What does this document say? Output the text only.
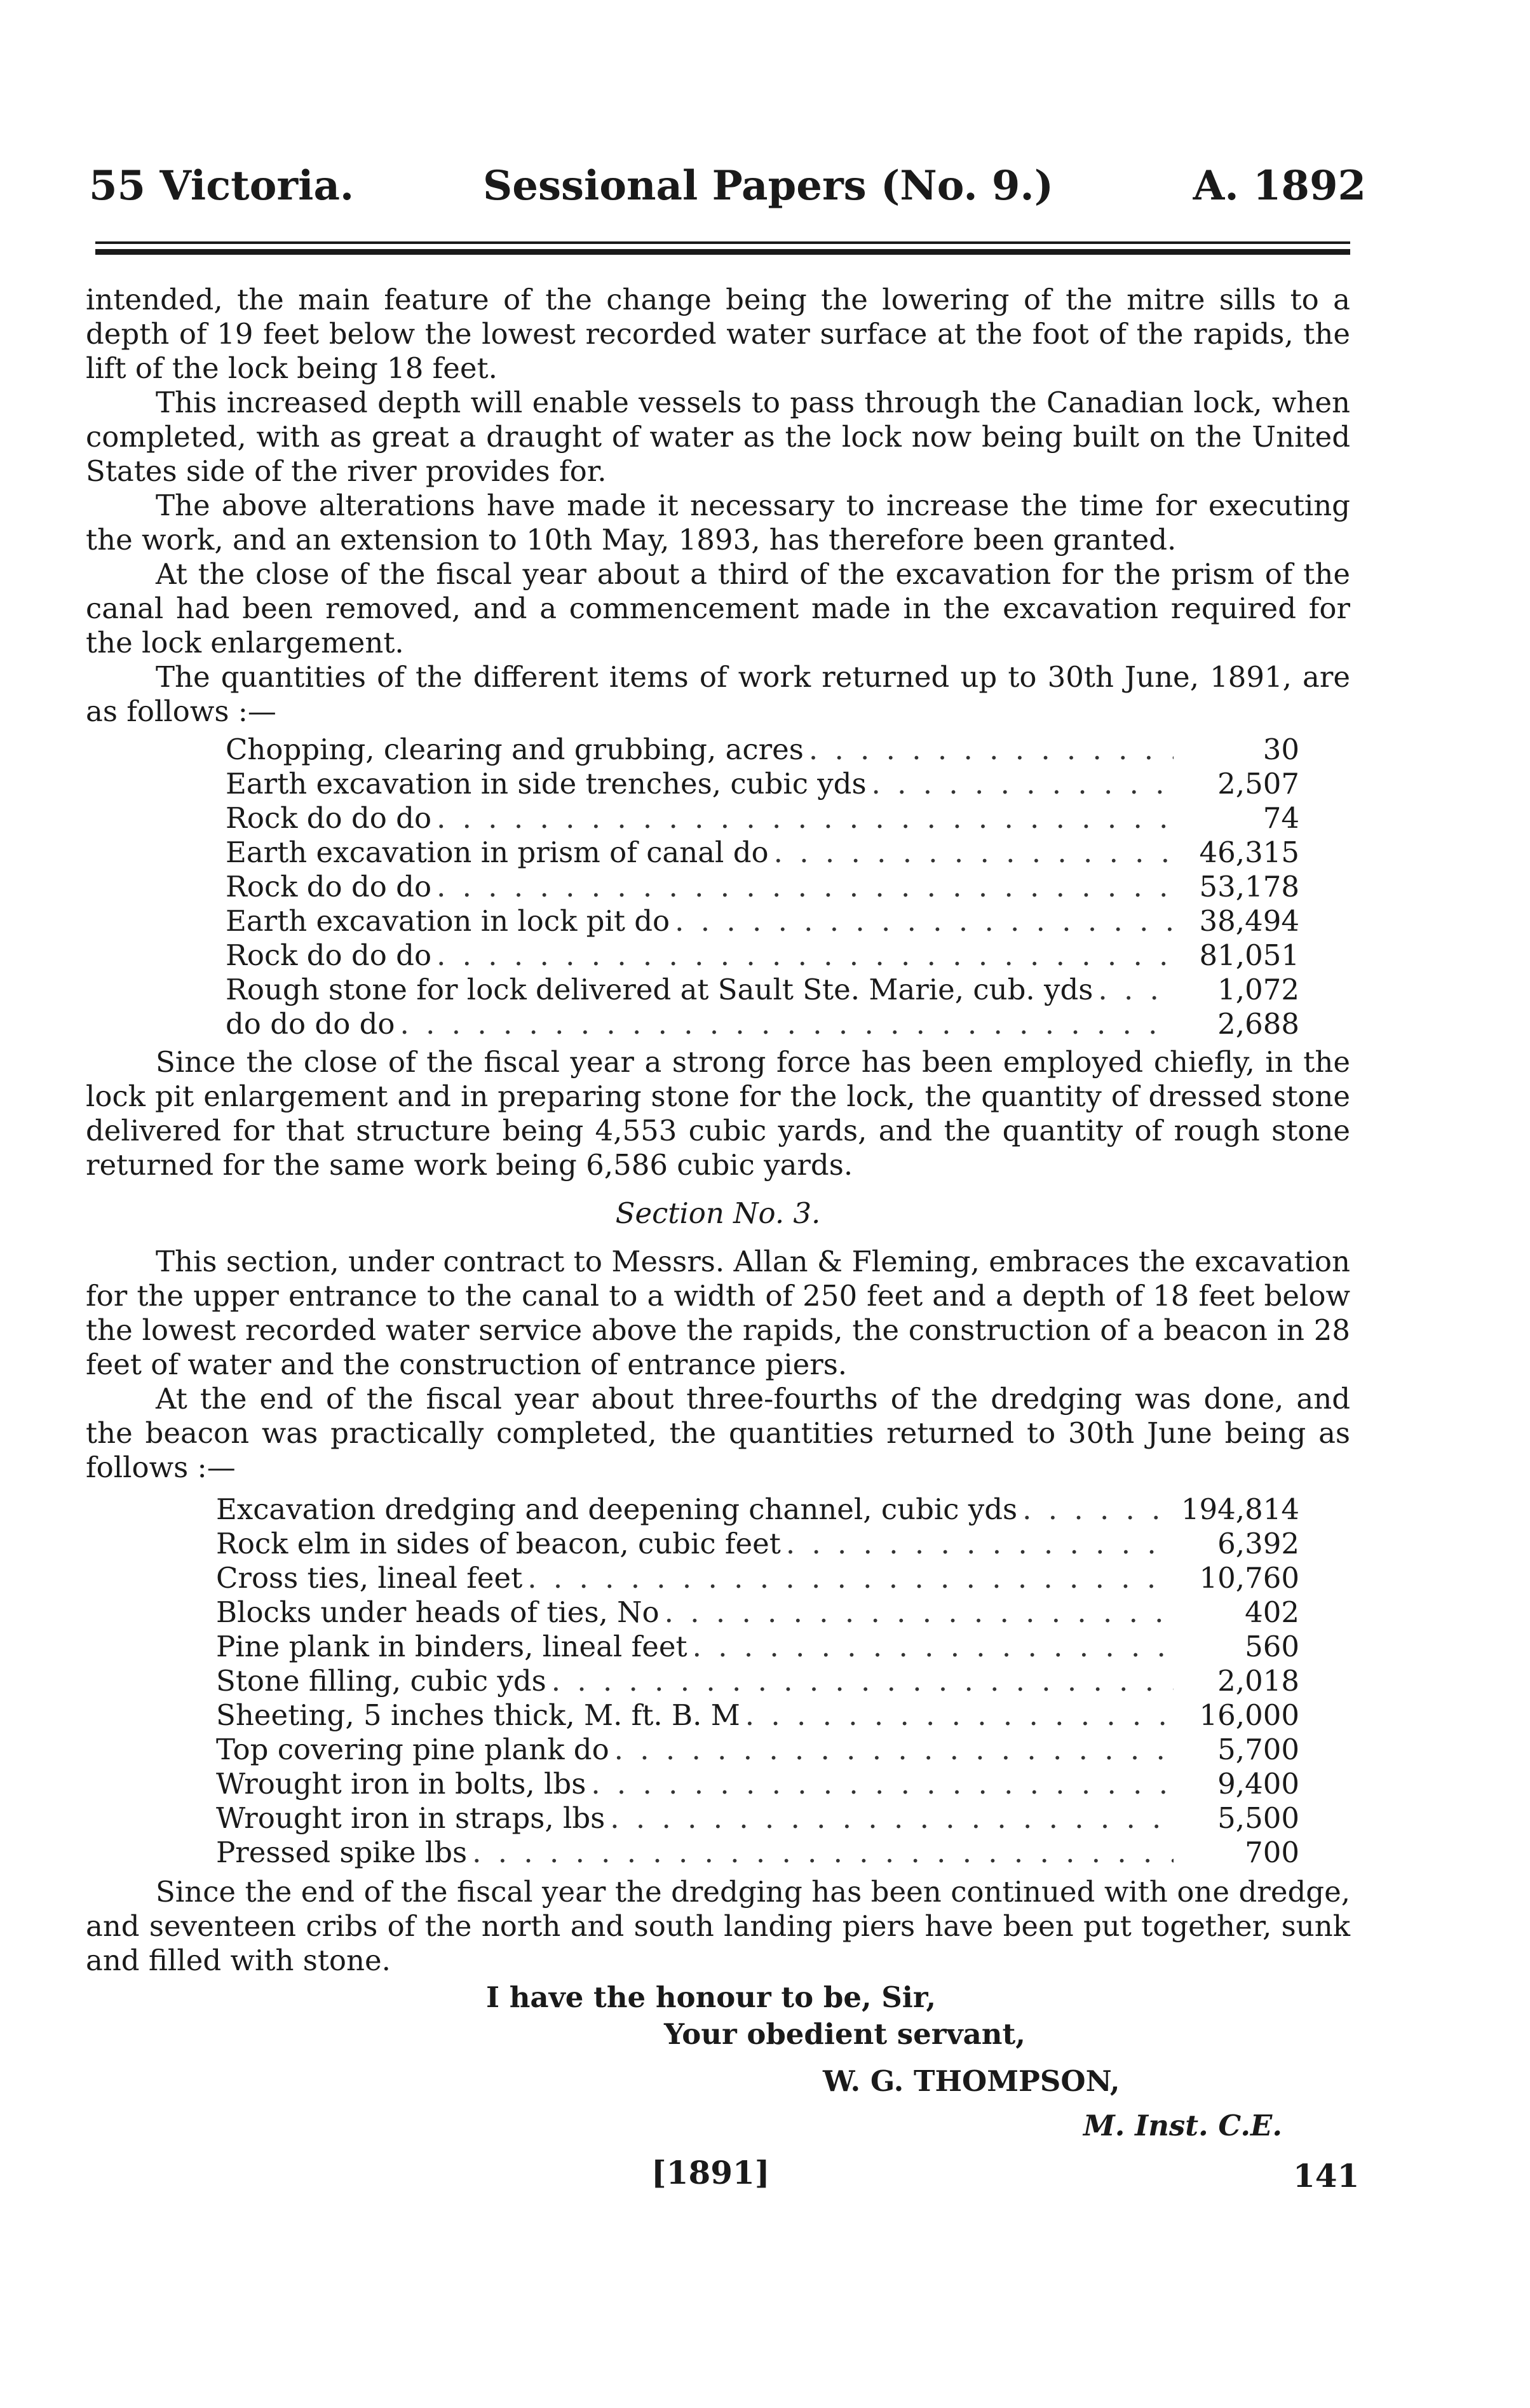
55 Victoria.	Sessional Papers (No. 9.)	A. 1892

intended, the main feature of the change being the lowering of the mitre sills to a depth of 19 feet below the lowest recorded water surface at the foot of the rapids, the lift of the lock being 18 feet.

This increased depth will enable vessels to pass through the Canadian lock, when completed, with as great a draught of water as the lock now being built on the United States side of the river provides for.

The above alterations have made it necessary to increase the time for executing the work, and an extension to 10th May, 1893, has therefore been granted.

At the close of the fiscal year about a third of the excavation for the prism of the canal had been removed, and a commencement made in the excavation required for the lock enlargement.

The quantities of the different items of work returned up to 30th June, 1891, are as follows :—

Chopping, clearing and grubbing, acres . . .	30
Earth excavation in side trenches, cubic yds . . .	2,507
Rock do do do . . .	74
Earth excavation in prism of canal do . . .	46,315
Rock do do do . . .	53,178
Earth excavation in lock pit do . . .	38,494
Rock do do do . . .	81,051
Rough stone for lock delivered at Sault Ste. Marie, cub. yds . . .	1,072
do do do do . . .	2,688

Since the close of the fiscal year a strong force has been employed chiefly, in the lock pit enlargement and in preparing stone for the lock, the quantity of dressed stone delivered for that structure being 4,553 cubic yards, and the quantity of rough stone returned for the same work being 6,586 cubic yards.

Section No. 3.

This section, under contract to Messrs. Allan & Fleming, embraces the excavation for the upper entrance to the canal to a width of 250 feet and a depth of 18 feet below the lowest recorded water service above the rapids, the construction of a beacon in 28 feet of water and the construction of entrance piers.

At the end of the fiscal year about three-fourths of the dredging was done, and the beacon was practically completed, the quantities returned to 30th June being as follows :—

Excavation dredging and deepening channel, cubic yds . . .	194,814
Rock elm in sides of beacon, cubic feet . . .	6,392
Cross ties, lineal feet . . .	10,760
Blocks under heads of ties, No . . .	402
Pine plank in binders, lineal feet . . .	560
Stone filling, cubic yds . . .	2,018
Sheeting, 5 inches thick, M. ft. B. M . . .	16,000
Top covering pine plank do . . .	5,700
Wrought iron in bolts, lbs . . .	9,400
Wrought iron in straps, lbs . . .	5,500
Pressed spike lbs . . .	700

Since the end of the fiscal year the dredging has been continued with one dredge, and seventeen cribs of the north and south landing piers have been put together, sunk and filled with stone.

I have the honour to be, Sir,
Your obedient servant,
W. G. THOMPSON,
M. Inst. C.E.
[1891]	141
